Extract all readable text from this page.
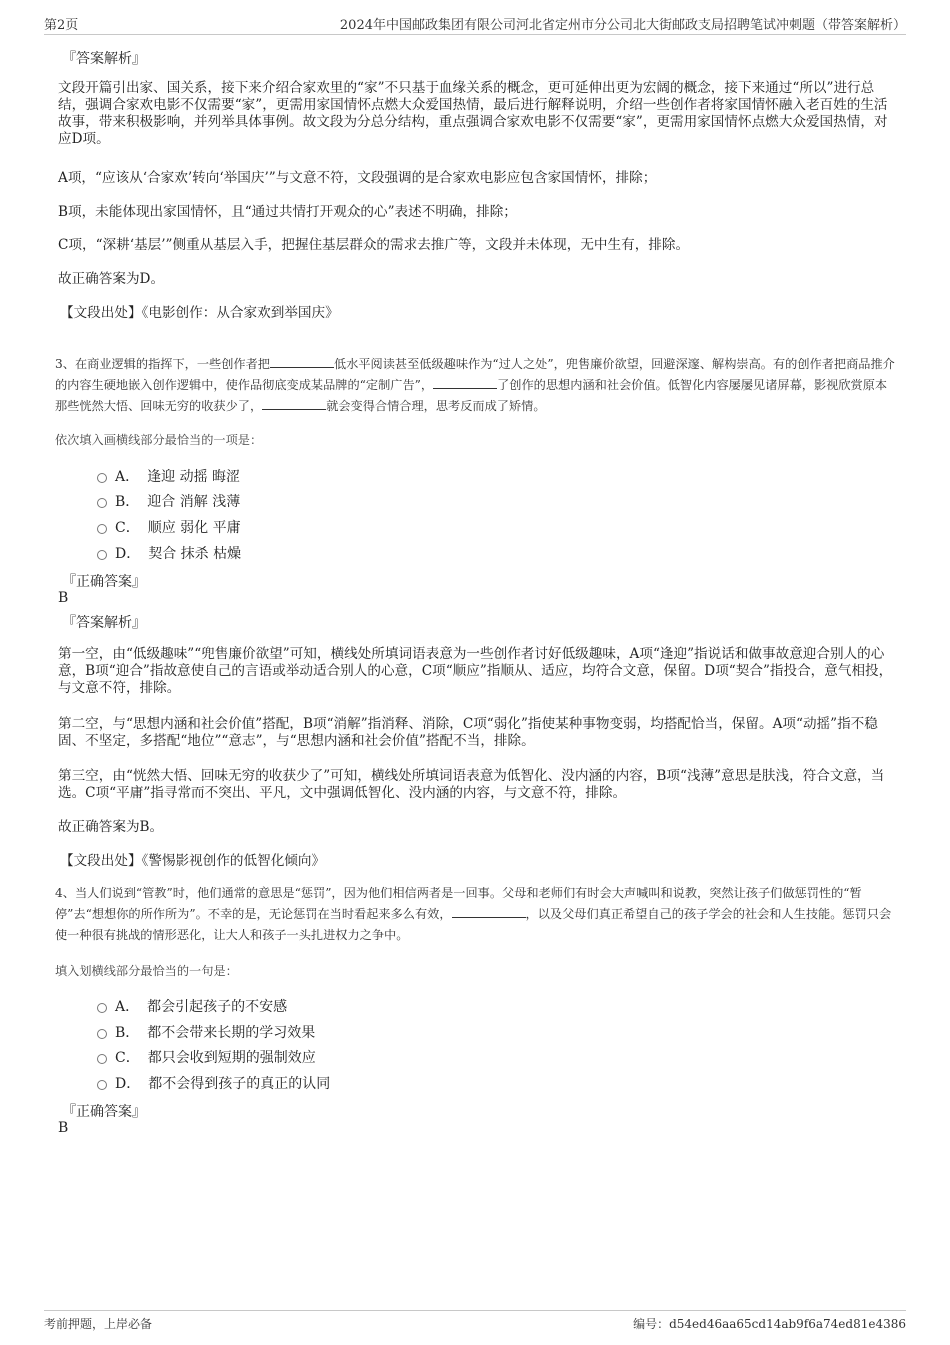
第2页	2024年中国邮政集团有限公司河北省定州市分公司北大街邮政支局招聘笔试冲刺题（带答案解析）
『答案解析』
文段开篇引出家、国关系，接下来介绍合家欢里的“家”不只基于血缘关系的概念，更可延伸出更为宏阔的概念，接下来通过“所以”进行总结，强调合家欢电影不仅需要“家”，更需用家国情怀点燃大众爱国热情，最后进行解释说明，介绍一些创作者将家国情怀融入老百姓的生活故事，带来积极影响，并列举具体事例。故文段为分总分结构，重点强调合家欢电影不仅需要“家”，更需用家国情怀点燃大众爱国热情，对应D项。
A项，“应该从‘合家欢’转向‘举国庆’”与文意不符，文段强调的是合家欢电影应包含家国情怀，排除；
B项，未能体现出家国情怀，且“通过共情打开观众的心”表述不明确，排除；
C项，“深耕‘基层’”侧重从基层入手，把握住基层群众的需求去推广等，文段并未体现，无中生有，排除。
故正确答案为D。
【文段出处】《电影创作：从合家欢到举国庆》
3、在商业逻辑的指挥下，一些创作者把	低水平阅读甚至低级趣味作为“过人之处”，兜售廉价欲望，回避深邃、解构崇高。有的创作者把商品推介的内容生硬地嵌入创作逻辑中，使作品彻底变成某品牌的“定制广告”，	了创作的思想内涵和社会价值。低智化内容屡屡见诸屏幕，影视欣赏原本那些恍然大悟、回味无穷的收获少了，	就会变得合情合理，思考反而成了矫情。
依次填入画横线部分最恰当的一项是：
A． 逢迎 动摇 晦涩
B． 迎合 消解 浅薄
C． 顺应 弱化 平庸
D． 契合 抹杀 枯燥
『正确答案』
B
『答案解析』
第一空，由“低级趣味”“兜售廉价欲望”可知，横线处所填词语表意为一些创作者讨好低级趣味，A项“逢迎”指说话和做事故意迎合别人的心意，B项“迎合”指故意使自己的言语或举动适合别人的心意，C项“顺应”指顺从、适应，均符合文意，保留。D项“契合”指投合，意气相投，与文意不符，排除。
第二空，与“思想内涵和社会价值”搭配，B项“消解”指消释、消除，C项“弱化”指使某种事物变弱，均搭配恰当，保留。A项“动摇”指不稳固、不坚定，多搭配“地位”“意志”，与“思想内涵和社会价值”搭配不当，排除。
第三空，由“恍然大悟、回味无穷的收获少了”可知，横线处所填词语表意为低智化、没内涵的内容，B项“浅薄”意思是肤浅，符合文意，当选。C项“平庸”指寻常而不突出、平凡，文中强调低智化、没内涵的内容，与文意不符，排除。
故正确答案为B。
【文段出处】《警惕影视创作的低智化倾向》
4、当人们说到“管教”时，他们通常的意思是“惩罚”，因为他们相信两者是一回事。父母和老师们有时会大声喊叫和说教，突然让孩子们做惩罚性的“暂停”去“想想你的所作所为”。不幸的是，无论惩罚在当时看起来多么有效，	，以及父母们真正希望自己的孩子学会的社会和人生技能。惩罚只会使一种很有挑战的情形恶化，让大人和孩子一头扎进权力之争中。
填入划横线部分最恰当的一句是：
A． 都会引起孩子的不安感
B． 都不会带来长期的学习效果
C． 都只会收到短期的强制效应
D． 都不会得到孩子的真正的认同
『正确答案』
B
考前押题，上岸必备	编号：d54ed46aa65cd14ab9f6a74ed81e4386
